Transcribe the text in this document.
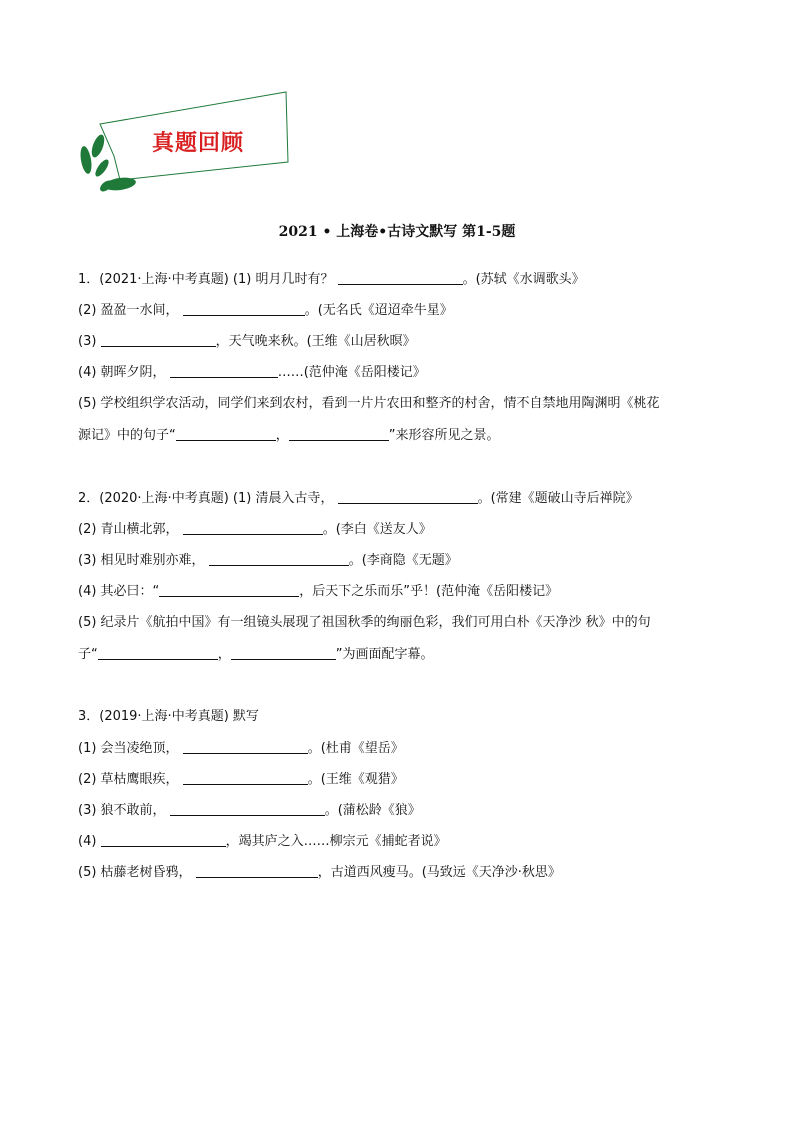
真题回顾
2021 • 上海卷•古诗文默写 第1-5题
1．(2021·上海·中考真题) (1) 明月几时有？	。(苏轼《水调歌头》
(2) 盈盈一水间，	。(无名氏《迢迢牵牛星》
(3)	，天气晚来秋。(王维《山居秋暝》
(4) 朝晖夕阴，	……(范仲淹《岳阳楼记》
(5) 学校组织学农活动，同学们来到农村，看到一片片农田和整齐的村舍，情不自禁地用陶渊明《桃花
源记》中的句子“	，	”来形容所见之景。
2．(2020·上海·中考真题) (1) 清晨入古寺，	。(常建《题破山寺后禅院》
(2) 青山横北郭，	。(李白《送友人》
(3) 相见时难别亦难，	。(李商隐《无题》
(4) 其必曰：“	，后天下之乐而乐”乎！(范仲淹《岳阳楼记》
(5) 纪录片《航拍中国》有一组镜头展现了祖国秋季的绚丽色彩，我们可用白朴《天净沙 秋》中的句
子“	，	”为画面配字幕。
3．(2019·上海·中考真题) 默写
(1) 会当凌绝顶，	。(杜甫《望岳》
(2) 草枯鹰眼疾，	。(王维《观猎》
(3) 狼不敢前，	。(蒲松龄《狼》
(4)	，竭其庐之入……柳宗元《捕蛇者说》
(5) 枯藤老树昏鸦，	，古道西风瘦马。(马致远《天净沙·秋思》
